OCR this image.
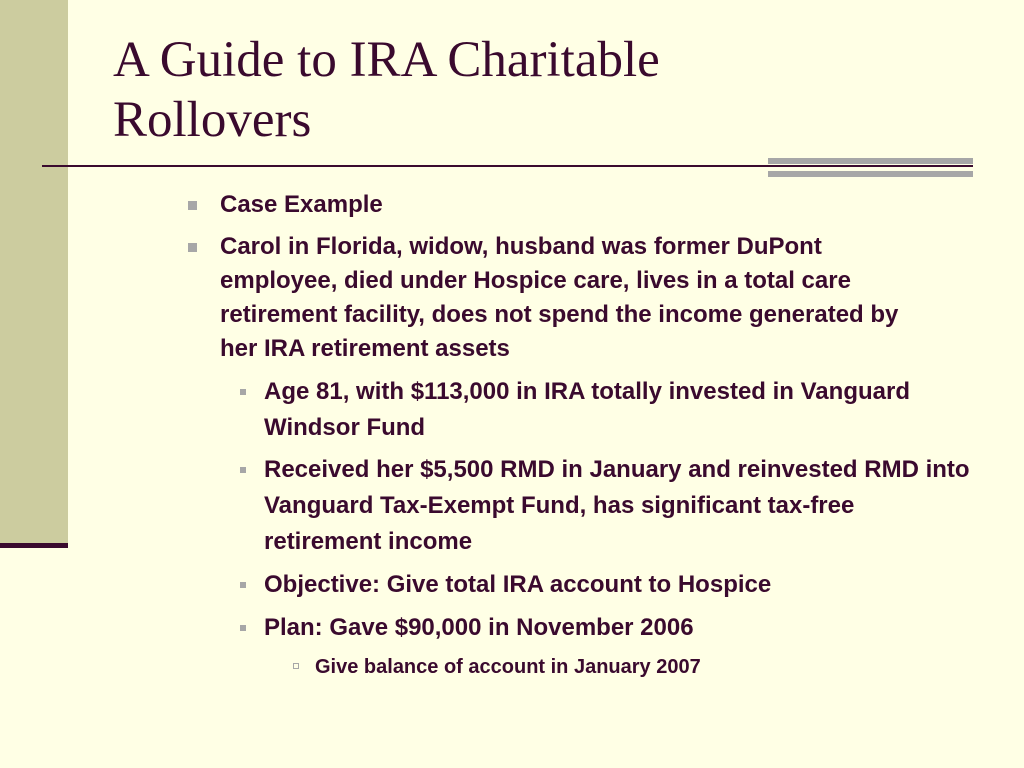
A Guide to IRA Charitable
Rollovers
Case Example
Carol in Florida, widow, husband was former DuPont employee, died under Hospice care, lives in a total care retirement facility, does not spend the income generated by her IRA retirement assets
Age 81, with $113,000 in IRA totally invested in Vanguard Windsor Fund
Received her $5,500 RMD in January and reinvested RMD into Vanguard Tax-Exempt Fund, has significant tax-free retirement income
Objective: Give total IRA account to Hospice
Plan: Gave $90,000 in November 2006
Give balance of account in January 2007
